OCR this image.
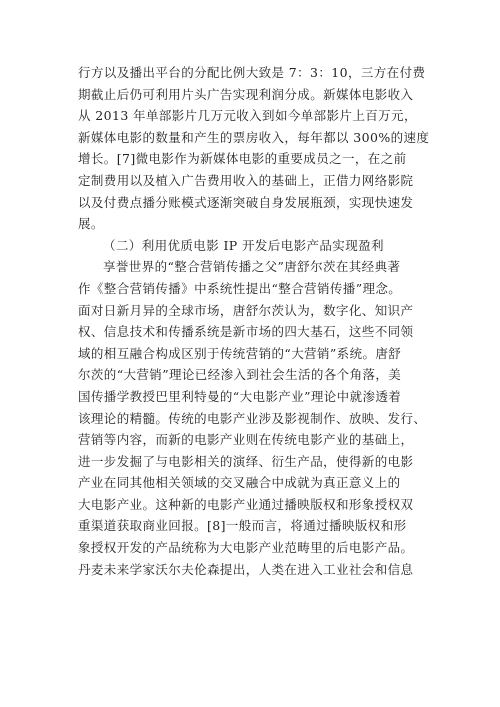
行方以及播出平台的分配比例大致是 7：3：10，三方在付费
期截止后仍可利用片头广告实现利润分成。新媒体电影收入
从 2013 年单部影片几万元收入到如今单部影片上百万元，
新媒体电影的数量和产生的票房收入，每年都以 300%的速度
增长。[7]微电影作为新媒体电影的重要成员之一，在之前
定制费用以及植入广告费用收入的基础上，正借力网络影院
以及付费点播分账模式逐渐突破自身发展瓶颈，实现快速发
展。
（二）利用优质电影 IP 开发后电影产品实现盈利
享誉世界的“整合营销传播之父”唐舒尔茨在其经典著
作《整合营销传播》中系统性提出“整合营销传播”理念。
面对日新月异的全球市场，唐舒尔茨认为，数字化、知识产
权、信息技术和传播系统是新市场的四大基石，这些不同领
域的相互融合构成区别于传统营销的“大营销”系统。唐舒
尔茨的“大营销”理论已经渗入到社会生活的各个角落，美
国传播学教授巴里利特曼的“大电影产业”理论中就渗透着
该理论的精髓。传统的电影产业涉及影视制作、放映、发行、
营销等内容，而新的电影产业则在传统电影产业的基础上，
进一步发掘了与电影相关的演绎、衍生产品，使得新的电影
产业在同其他相关领域的交叉融合中成就为真正意义上的
大电影产业。这种新的电影产业通过播映版权和形象授权双
重渠道获取商业回报。[8]一般而言，将通过播映版权和形
象授权开发的产品统称为大电影产业范畴里的后电影产品。
丹麦未来学家沃尔夫伦森提出，人类在进入工业社会和信息
